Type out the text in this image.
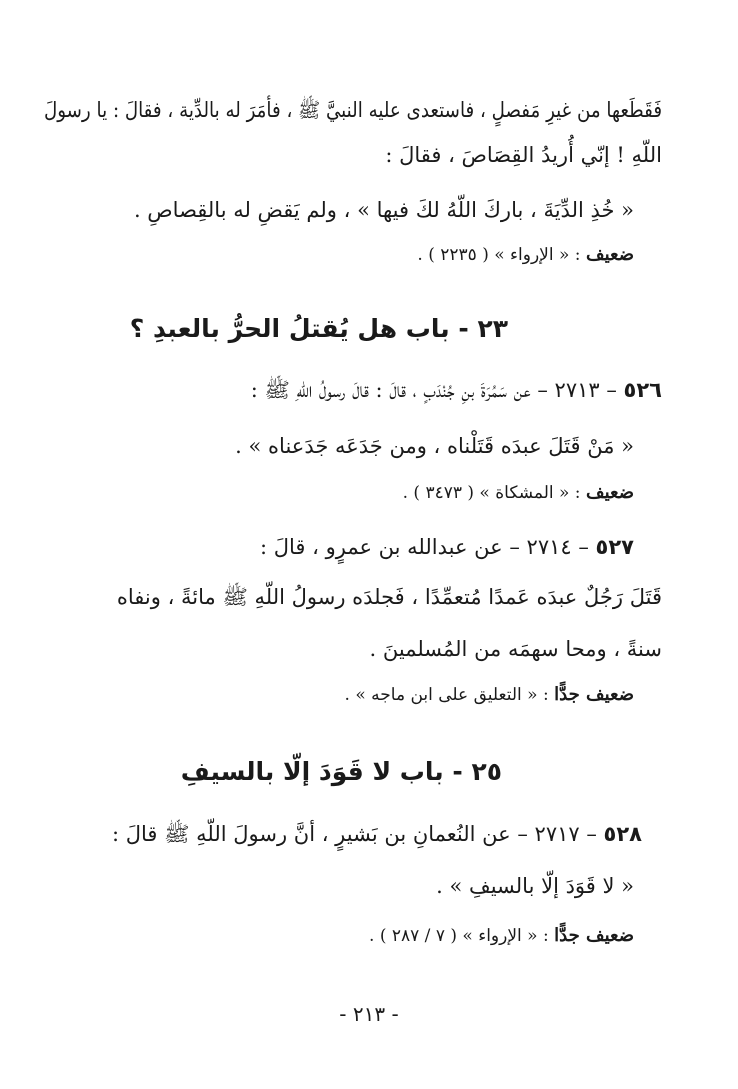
فَقَطَعها من غيرِ مَفصلٍ ، فاستعدى عليه النبيَّ ﷺ ، فأمَرَ له بالدِّية ، فقالَ : يا رسولَ
اللّهِ ! إنّي أُريدُ القِصَاصَ ، فقالَ :
« خُذِ الدِّيَةَ ، باركَ اللّهُ لكَ فيها » ، ولم يَقضِ له بالقِصاصِ .
ضعيف : « الإرواء » ( ٢٢٣٥ ) .
٢٣ - باب هل يُقتلُ الحرُّ بالعبدِ ؟
٥٢٦ – ٢٧١٣ – عن سَمُرَةَ بنِ جُنْدَبٍ ، قالَ : قالَ رسولُ اللّهِ ﷺ :
« مَنْ قَتَلَ عبدَه قَتَلْناه ، ومن جَدَعَه جَدَعناه » .
ضعيف : « المشكاة » ( ٣٤٧٣ ) .
٥٢٧ – ٢٧١٤ – عن عبدالله بن عمرٍو ، قالَ :
قَتَلَ رَجُلٌ عبدَه عَمدًا مُتعمِّدًا ، فَجلدَه رسولُ اللّهِ ﷺ مائةً ، ونفاه
سنةً ، ومحا سهمَه من المُسلمينَ .
ضعيف جدًّا : « التعليق على ابن ماجه » .
٢٥ - باب لا قَوَدَ إلّا بالسيفِ
٥٢٨ – ٢٧١٧ – عن النُعمانِ بن بَشيرٍ ، أنَّ رسولَ اللّهِ ﷺ قالَ :
« لا قَوَدَ إلّا بالسيفِ » .
ضعيف جدًّا : « الإرواء » ( ٧ / ٢٨٧ ) .
- ٢١٣ -
